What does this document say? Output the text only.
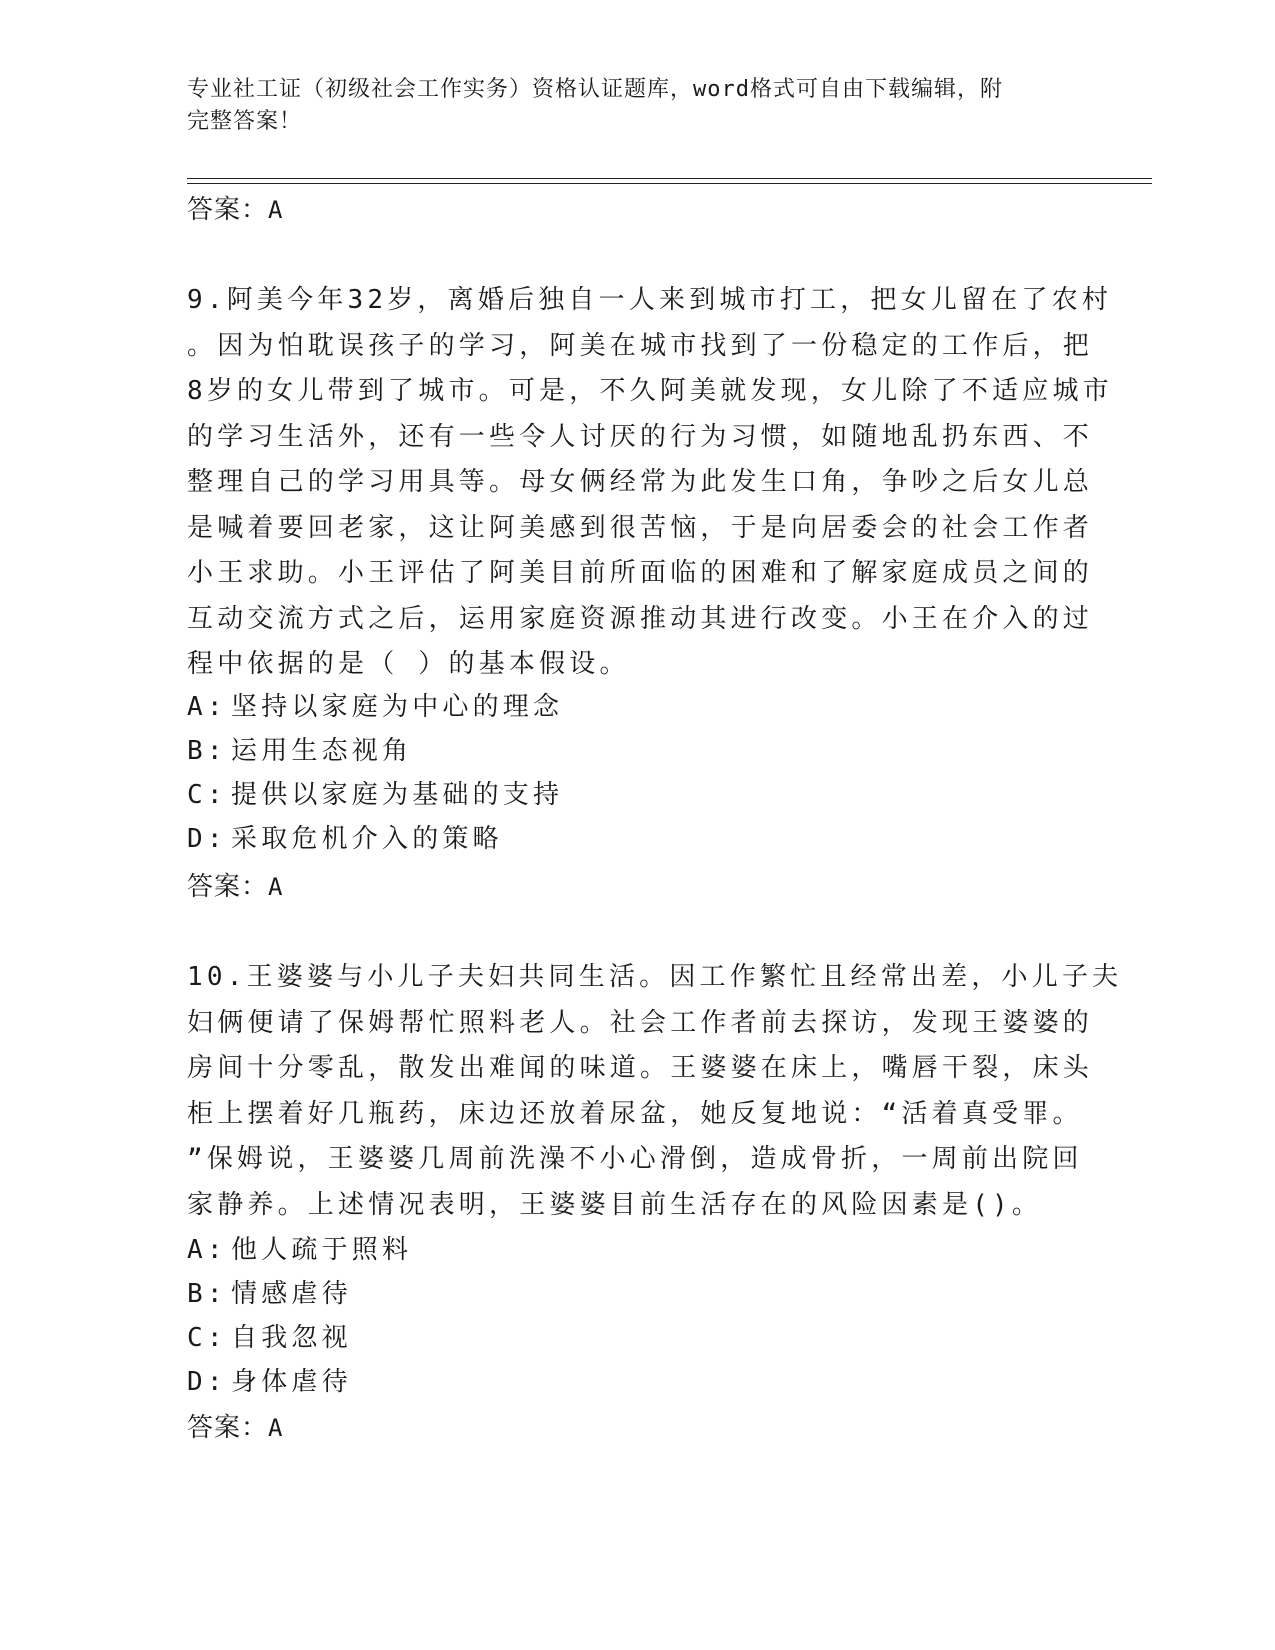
专业社工证（初级社会工作实务）资格认证题库，word格式可自由下载编辑，附
完整答案！
答案：A
9.阿美今年32岁，离婚后独自一人来到城市打工，把女儿留在了农村
。因为怕耽误孩子的学习，阿美在城市找到了一份稳定的工作后，把
8岁的女儿带到了城市。可是，不久阿美就发现，女儿除了不适应城市
的学习生活外，还有一些令人讨厌的行为习惯，如随地乱扔东西、不
整理自己的学习用具等。母女俩经常为此发生口角，争吵之后女儿总
是喊着要回老家，这让阿美感到很苦恼，于是向居委会的社会工作者
小王求助。小王评估了阿美目前所面临的困难和了解家庭成员之间的
互动交流方式之后，运用家庭资源推动其进行改变。小王在介入的过
程中依据的是（ ）的基本假设。
A: 坚持以家庭为中心的理念
B: 运用生态视角
C: 提供以家庭为基础的支持
D: 采取危机介入的策略
答案：A
10.王婆婆与小儿子夫妇共同生活。因工作繁忙且经常出差，小儿子夫
妇俩便请了保姆帮忙照料老人。社会工作者前去探访，发现王婆婆的
房间十分零乱，散发出难闻的味道。王婆婆在床上，嘴唇干裂，床头
柜上摆着好几瓶药，床边还放着尿盆，她反复地说：“活着真受罪。
”保姆说，王婆婆几周前洗澡不小心滑倒，造成骨折，一周前出院回
家静养。上述情况表明，王婆婆目前生活存在的风险因素是()。
A: 他人疏于照料
B: 情感虐待
C: 自我忽视
D: 身体虐待
答案：A
